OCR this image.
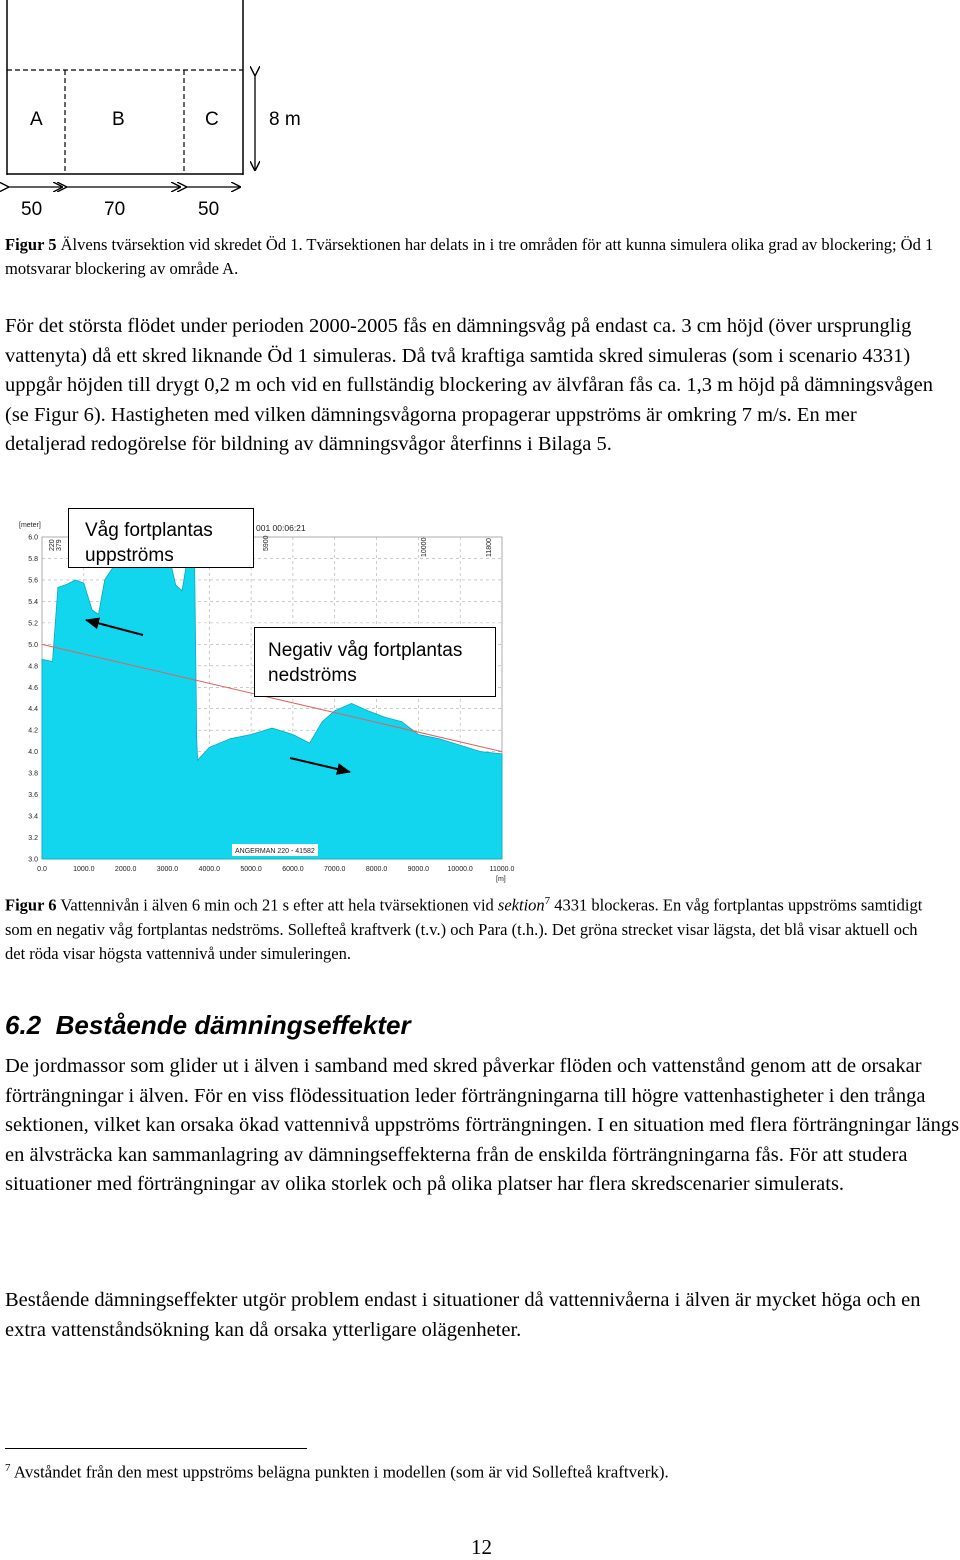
A	B	C	8 m
50	70	50
Figur 5 Älvens tvärsektion vid skredet Öd 1. Tvärsektionen har delats in i tre områden för att kunna simulera olika grad av blockering; Öd 1 motsvarar blockering av område A.
För det största flödet under perioden 2000-2005 fås en dämningsvåg på endast ca. 3 cm höjd (över ursprunglig vattenyta) då ett skred liknande Öd 1 simuleras. Då två kraftiga samtida skred simuleras (som i scenario 4331) uppgår höjden till drygt 0,2 m och vid en fullständig blockering av älvfåran fås ca. 1,3 m höjd på dämningsvågen (se Figur 6). Hastigheten med vilken dämningsvågorna propagerar uppströms är omkring 7 m/s. En mer detaljerad redogörelse för bildning av dämningsvågor återfinns i Bilaga 5.
6.0
5.8
5.6
5.4
5.2
5.0
4.8
4.6
4.4
4.2
4.0
3.8
3.6
3.4
3.2
3.0
0.0	1000.0	2000.0	3000.0	4000.0	5000.0	6000.0	7000.0	8000.0	9000.0	10000.0 11000.0
[meter]
[m]
001 00:06:21
220 379	5900	10000	11800
ANGERMAN 220 - 41582
Våg fortplantas uppströms
Negativ våg fortplantas nedströms
Figur 6 Vattennivån i älven 6 min och 21 s efter att hela tvärsektionen vid sektion$^7$ 4331 blockeras. En våg fortplantas uppströms samtidigt som en negativ våg fortplantas nedströms. Sollefteå kraftverk (t.v.) och Para (t.h.). Det gröna strecket visar lägsta, det blå visar aktuell och det röda visar högsta vattennivå under simuleringen.
6.2 Bestående dämningseffekter
De jordmassor som glider ut i älven i samband med skred påverkar flöden och vattenstånd genom att de orsakar förträngningar i älven. För en viss flödessituation leder förträngningarna till högre vattenhastigheter i den trånga sektionen, vilket kan orsaka ökad vattennivå uppströms förträngningen. I en situation med flera förträngningar längs en älvsträcka kan sammanlagring av dämningseffekterna från de enskilda förträngningarna fås. För att studera situationer med förträngningar av olika storlek och på olika platser har flera skredscenarier simulerats.
Bestående dämningseffekter utgör problem endast i situationer då vattennivåerna i älven är mycket höga och en extra vattenståndsökning kan då orsaka ytterligare olägenheter.
$^7$ Avståndet från den mest uppströms belägna punkten i modellen (som är vid Sollefteå kraftverk).
12
